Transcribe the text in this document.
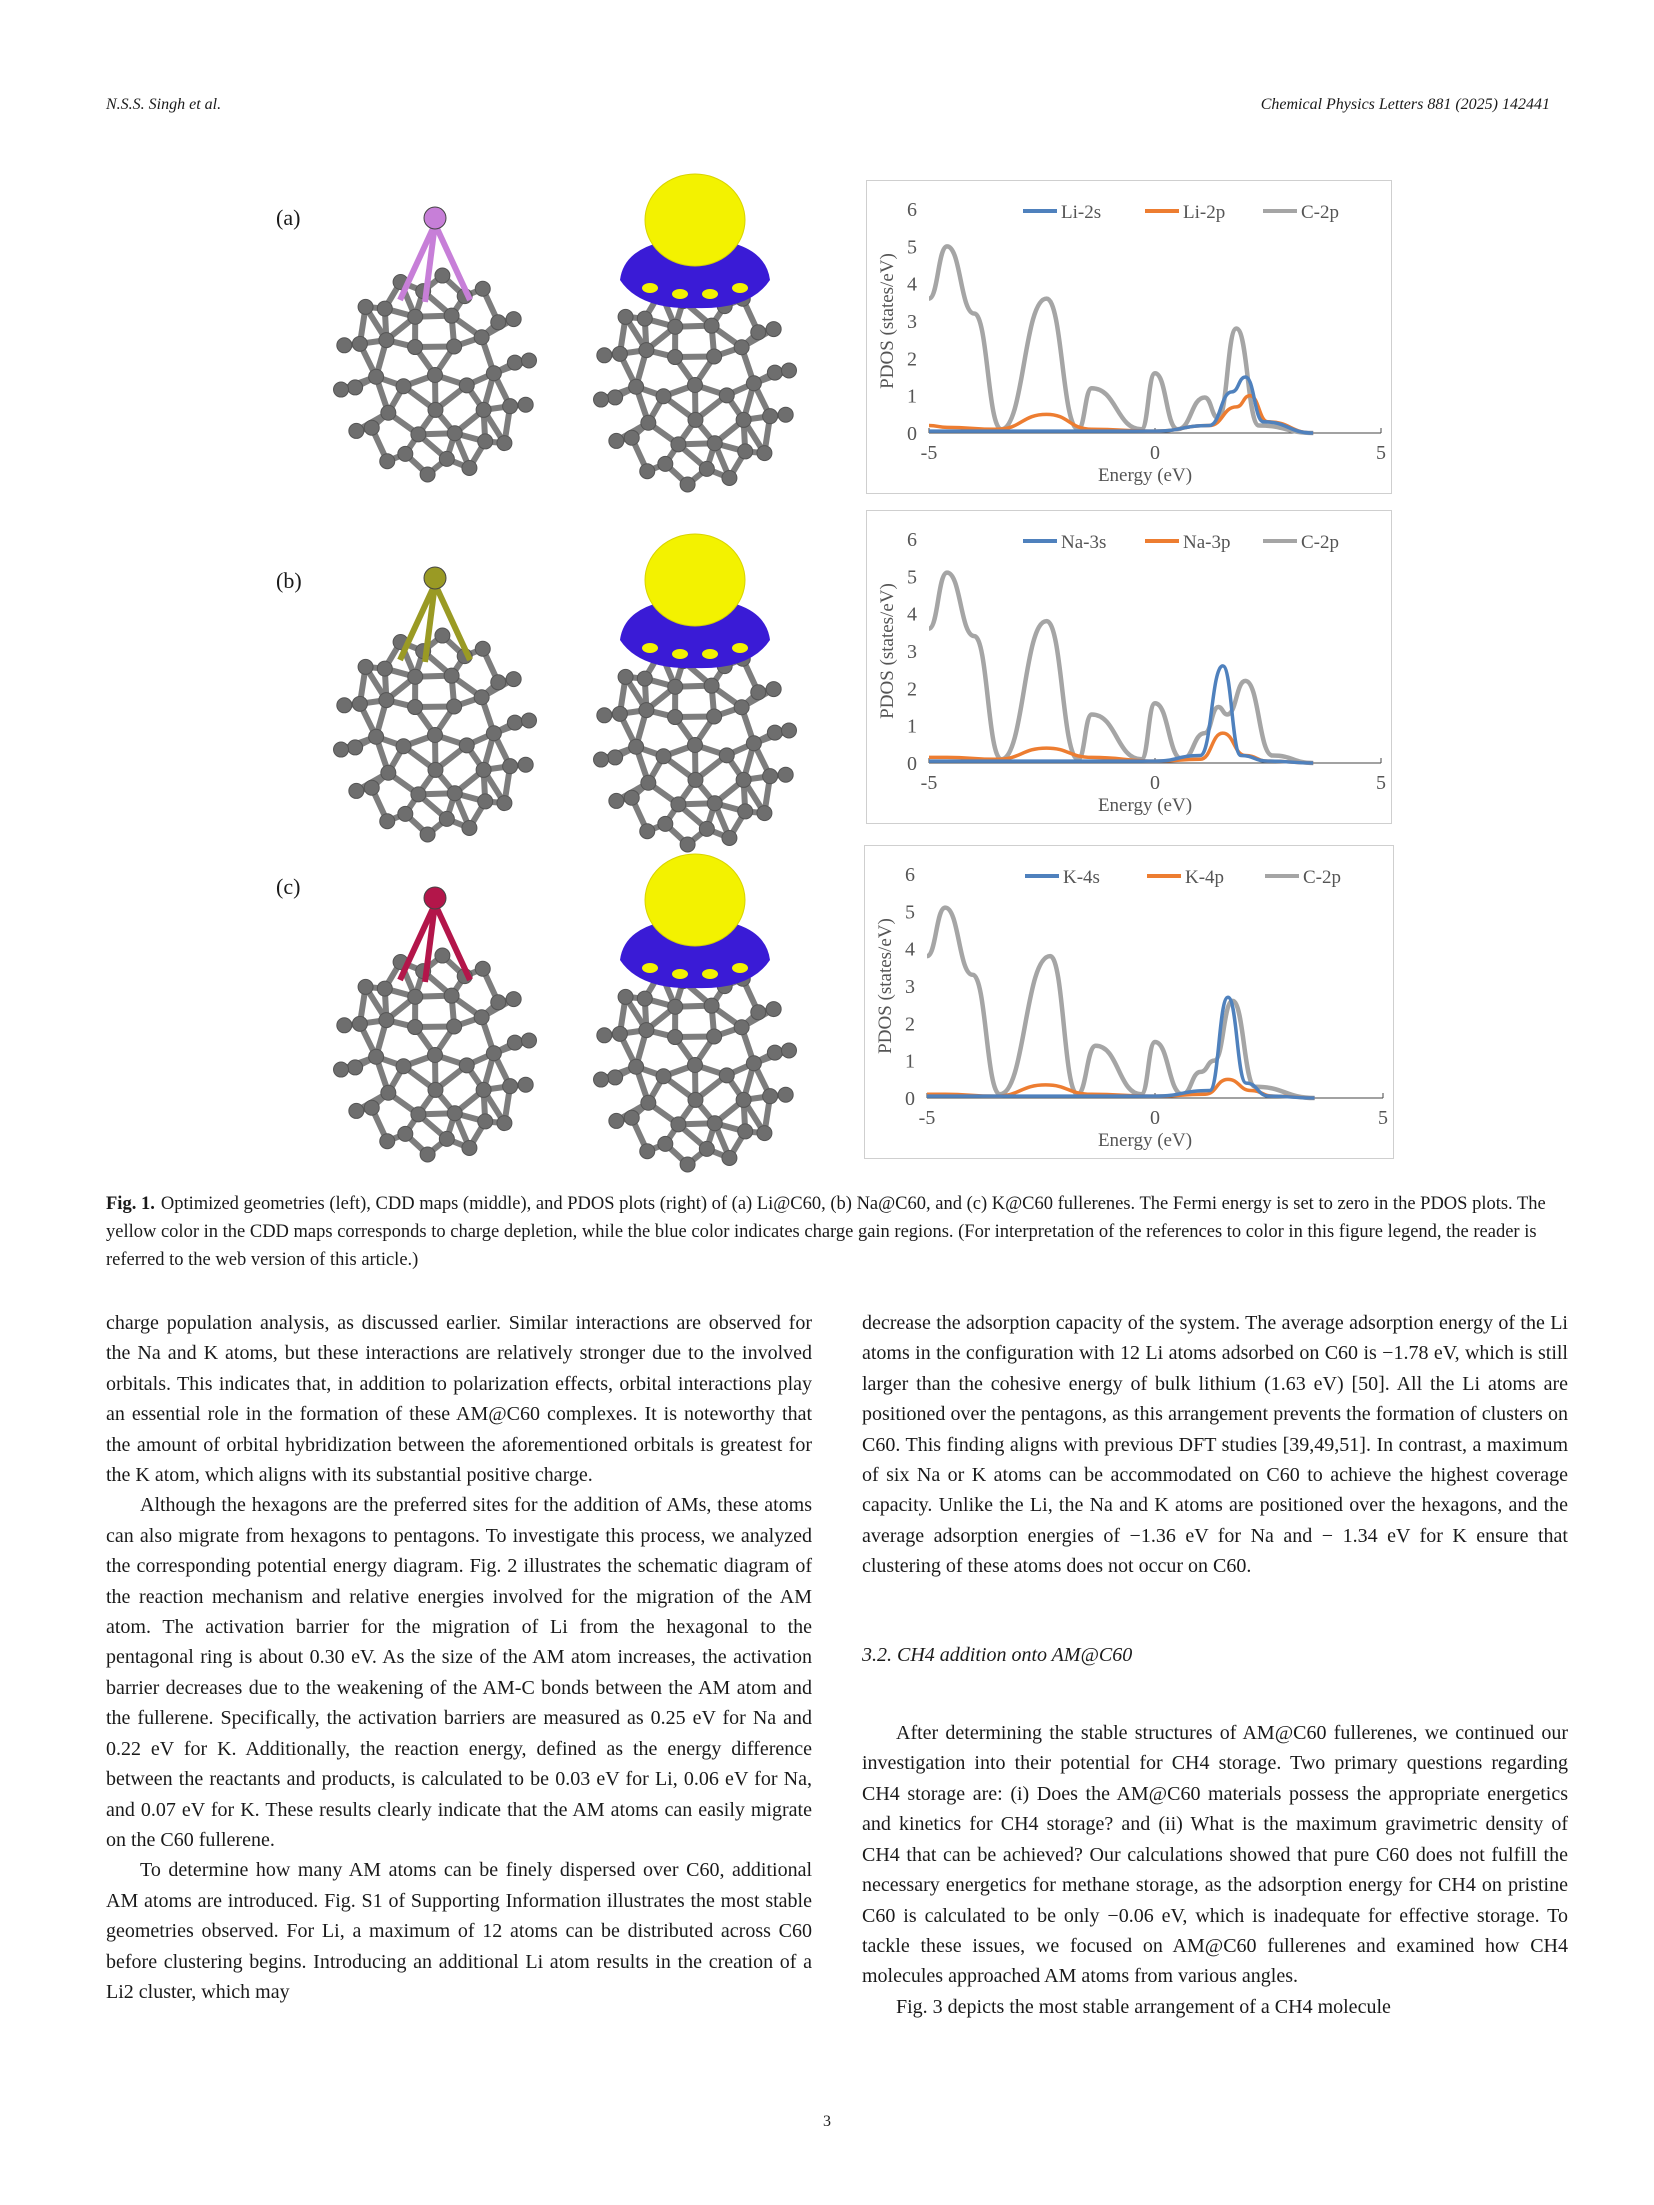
N.S.S. Singh et al.	Chemical Physics Letters 881 (2025) 142441
(a)
(b)
(c)
-5	0	5
0
1
2
3
4
5
6
Energy (eV)
PDOS (states/eV)
Li-2s	Li-2p	C-2p
-5	0	5
0
1
2
3
4
5
6
Energy (eV)
PDOS (states/eV)
Na-3s	Na-3p	C-2p
-5	0	5
0
1
2
3
4
5
6
Energy (eV)
PDOS (states/eV)
K-4s	K-4p	C-2p
Fig. 1. Optimized geometries (left), CDD maps (middle), and PDOS plots (right) of (a) Li@C60, (b) Na@C60, and (c) K@C60 fullerenes. The Fermi energy is set to zero in the PDOS plots. The yellow color in the CDD maps corresponds to charge depletion, while the blue color indicates charge gain regions. (For interpretation of the references to color in this figure legend, the reader is referred to the web version of this article.)

charge population analysis, as discussed earlier. Similar interactions are observed for the Na and K atoms, but these interactions are relatively stronger due to the involved orbitals. This indicates that, in addition to polarization effects, orbital interactions play an essential role in the formation of these AM@C60 complexes. It is noteworthy that the amount of orbital hybridization between the aforementioned orbitals is greatest for the K atom, which aligns with its substantial positive charge.

Although the hexagons are the preferred sites for the addition of AMs, these atoms can also migrate from hexagons to pentagons. To investigate this process, we analyzed the corresponding potential energy diagram. Fig. 2 illustrates the schematic diagram of the reaction mechanism and relative energies involved for the migration of the AM atom. The activation barrier for the migration of Li from the hexagonal to the pentagonal ring is about 0.30 eV. As the size of the AM atom increases, the activation barrier decreases due to the weakening of the AM-C bonds between the AM atom and the fullerene. Specifically, the activation barriers are measured as 0.25 eV for Na and 0.22 eV for K. Additionally, the reaction energy, defined as the energy difference between the reactants and products, is calculated to be 0.03 eV for Li, 0.06 eV for Na, and 0.07 eV for K. These results clearly indicate that the AM atoms can easily migrate on the C60 fullerene.

To determine how many AM atoms can be finely dispersed over C60, additional AM atoms are introduced. Fig. S1 of Supporting Information illustrates the most stable geometries observed. For Li, a maximum of 12 atoms can be distributed across C60 before clustering begins. Introducing an additional Li atom results in the creation of a Li2 cluster, which may

decrease the adsorption capacity of the system. The average adsorption energy of the Li atoms in the configuration with 12 Li atoms adsorbed on C60 is −1.78 eV, which is still larger than the cohesive energy of bulk lithium (1.63 eV) [50]. All the Li atoms are positioned over the pentagons, as this arrangement prevents the formation of clusters on C60. This finding aligns with previous DFT studies [39,49,51]. In contrast, a maximum of six Na or K atoms can be accommodated on C60 to achieve the highest coverage capacity. Unlike the Li, the Na and K atoms are positioned over the hexagons, and the average adsorption energies of −1.36 eV for Na and − 1.34 eV for K ensure that clustering of these atoms does not occur on C60.

3.2. CH4 addition onto AM@C60

After determining the stable structures of AM@C60 fullerenes, we continued our investigation into their potential for CH4 storage. Two primary questions regarding CH4 storage are: (i) Does the AM@C60 materials possess the appropriate energetics and kinetics for CH4 storage? and (ii) What is the maximum gravimetric density of CH4 that can be achieved? Our calculations showed that pure C60 does not fulfill the necessary energetics for methane storage, as the adsorption energy for CH4 on pristine C60 is calculated to be only −0.06 eV, which is inadequate for effective storage. To tackle these issues, we focused on AM@C60 fullerenes and examined how CH4 molecules approached AM atoms from various angles.

Fig. 3 depicts the most stable arrangement of a CH4 molecule

3
